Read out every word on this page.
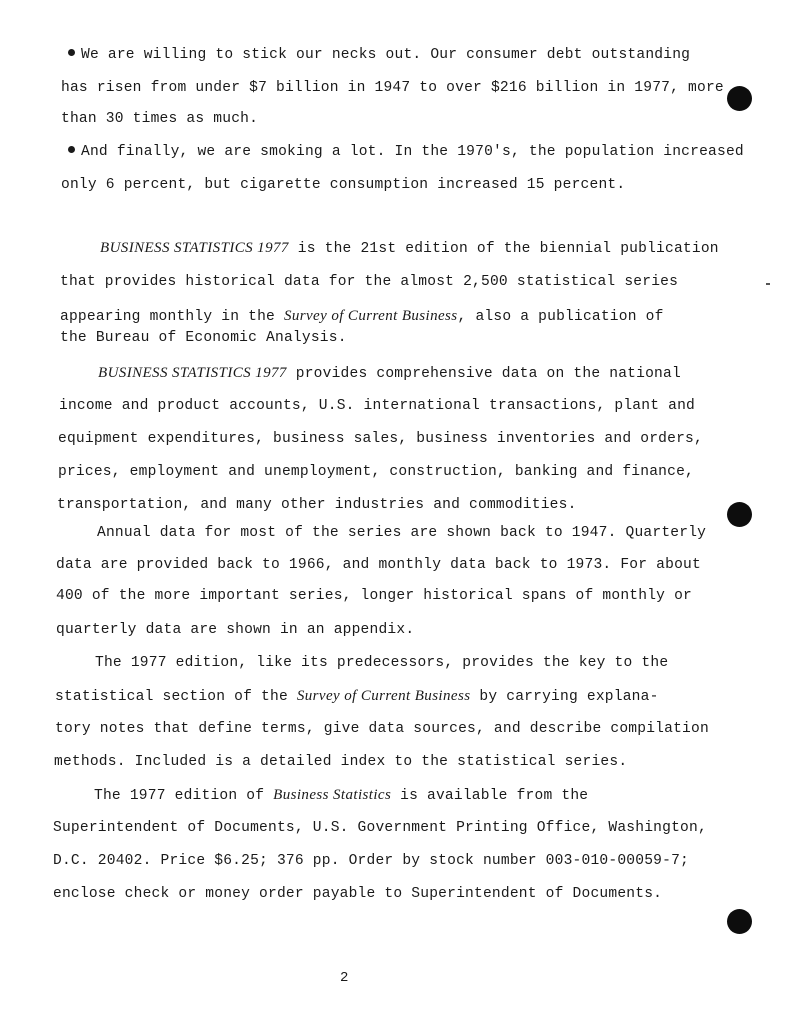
We are willing to stick our necks out. Our consumer debt outstanding
has risen from under $7 billion in 1947 to over $216 billion in 1977, more
than 30 times as much.
And finally, we are smoking a lot. In the 1970's, the population increased
only 6 percent, but cigarette consumption increased 15 percent.
BUSINESS STATISTICS 1977 is the 21st edition of the biennial publication
that provides historical data for the almost 2,500 statistical series
appearing monthly in the Survey of Current Business, also a publication of
the Bureau of Economic Analysis.
BUSINESS STATISTICS 1977 provides comprehensive data on the national
income and product accounts, U.S. international transactions, plant and
equipment expenditures, business sales, business inventories and orders,
prices, employment and unemployment, construction, banking and finance,
transportation, and many other industries and commodities.
Annual data for most of the series are shown back to 1947. Quarterly
data are provided back to 1966, and monthly data back to 1973. For about
400 of the more important series, longer historical spans of monthly or
quarterly data are shown in an appendix.
The 1977 edition, like its predecessors, provides the key to the
statistical section of the Survey of Current Business by carrying explana-
tory notes that define terms, give data sources, and describe compilation
methods. Included is a detailed index to the statistical series.
The 1977 edition of Business Statistics is available from the
Superintendent of Documents, U.S. Government Printing Office, Washington,
D.C. 20402. Price $6.25; 376 pp. Order by stock number 003-010-00059-7;
enclose check or money order payable to Superintendent of Documents.
2
